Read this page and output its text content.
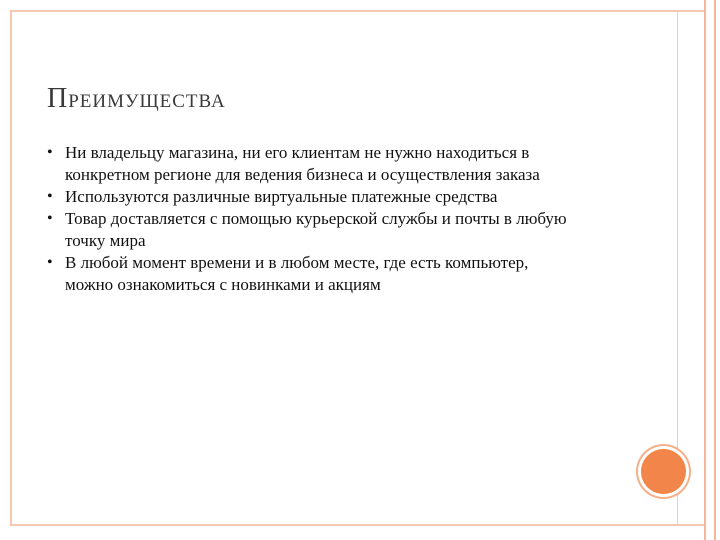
ПРЕИМУЩЕСТВА
• Ни владельцу магазина, ни его клиентам не нужно находиться в
конкретном регионе для ведения бизнеса и осуществления заказа
• Используются различные виртуальные платежные средства
• Товар доставляется с помощью курьерской службы и почты в любую
точку мира
• В любой момент времени и в любом месте, где есть компьютер,
можно ознакомиться с новинками и акциям
